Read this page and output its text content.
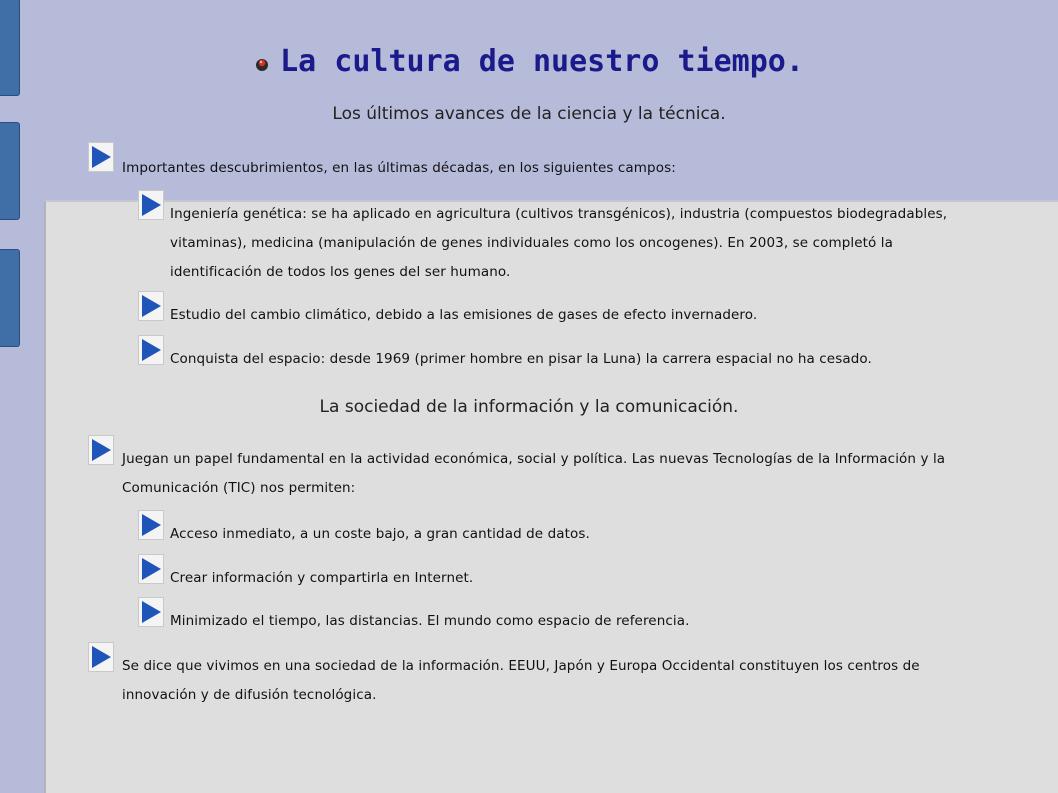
La cultura de nuestro tiempo.
Los últimos avances de la ciencia y la técnica.
Importantes descubrimientos, en las últimas décadas, en los siguientes campos:
Ingeniería genética: se ha aplicado en agricultura (cultivos transgénicos), industria (compuestos biodegradables, vitaminas), medicina (manipulación de genes individuales como los oncogenes). En 2003, se completó la identificación de todos los genes del ser humano.
Estudio del cambio climático, debido a las emisiones de gases de efecto invernadero.
Conquista del espacio: desde 1969 (primer hombre en pisar la Luna) la carrera espacial no ha cesado.
La sociedad de la información y la comunicación.
Juegan un papel fundamental en la actividad económica, social y política. Las nuevas Tecnologías de la Información y la Comunicación (TIC) nos permiten:
Acceso inmediato, a un coste bajo, a gran cantidad de datos.
Crear información y compartirla en Internet.
Minimizado el tiempo, las distancias. El mundo como espacio de referencia.
Se dice que vivimos en una sociedad de la información. EEUU, Japón y Europa Occidental constituyen los centros de innovación y de difusión tecnológica.
